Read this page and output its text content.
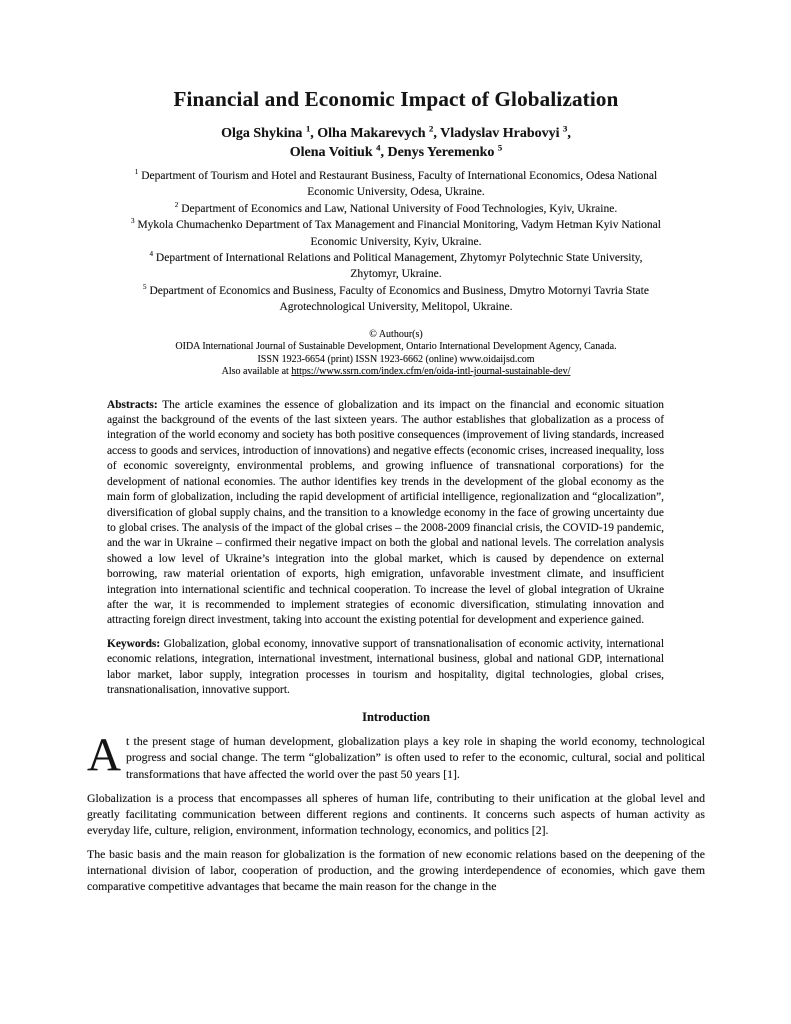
Financial and Economic Impact of Globalization
Olga Shykina $^1$, Olha Makarevych $^2$, Vladyslav Hrabovyi $^3$,
Olena Voitiuk $^4$, Denys Yeremenko $^5$
$^1$ Department of Tourism and Hotel and Restaurant Business, Faculty of International Economics, Odesa National
Economic University, Odesa, Ukraine.
$^2$ Department of Economics and Law, National University of Food Technologies, Kyiv, Ukraine.
$^3$ Mykola Chumachenko Department of Tax Management and Financial Monitoring, Vadym Hetman Kyiv National
Economic University, Kyiv, Ukraine.
$^4$ Department of International Relations and Political Management, Zhytomyr Polytechnic State University,
Zhytomyr, Ukraine.
$^5$ Department of Economics and Business, Faculty of Economics and Business, Dmytro Motornyi Tavria State
Agrotechnological University, Melitopol, Ukraine.
© Authour(s)
OIDA International Journal of Sustainable Development, Ontario International Development Agency, Canada.
ISSN 1923-6654 (print) ISSN 1923-6662 (online) www.oidaijsd.com
Also available at https://www.ssrn.com/index.cfm/en/oida-intl-journal-sustainable-dev/
Abstracts: The article examines the essence of globalization and its impact on the financial and economic situation against the background of the events of the last sixteen years. The author establishes that globalization as a process of integration of the world economy and society has both positive consequences (improvement of living standards, increased access to goods and services, introduction of innovations) and negative effects (economic crises, increased inequality, loss of economic sovereignty, environmental problems, and growing influence of transnational corporations) for the development of national economies. The author identifies key trends in the development of the global economy as the main form of globalization, including the rapid development of artificial intelligence, regionalization and “glocalization”, diversification of global supply chains, and the transition to a knowledge economy in the face of growing uncertainty due to global crises. The analysis of the impact of the global crises – the 2008-2009 financial crisis, the COVID-19 pandemic, and the war in Ukraine – confirmed their negative impact on both the global and national levels. The correlation analysis showed a low level of Ukraine’s integration into the global market, which is caused by dependence on external borrowing, raw material orientation of exports, high emigration, unfavorable investment climate, and insufficient integration into international scientific and technical cooperation. To increase the level of global integration of Ukraine after the war, it is recommended to implement strategies of economic diversification, stimulating innovation and attracting foreign direct investment, taking into account the existing potential for development and experience gained.
Keywords: Globalization, global economy, innovative support of transnationalisation of economic activity, international economic relations, integration, international investment, international business, global and national GDP, international labor market, labor supply, integration processes in tourism and hospitality, digital technologies, global crises, transnationalisation, innovative support.
Introduction
At the present stage of human development, globalization plays a key role in shaping the world economy, technological progress and social change. The term “globalization” is often used to refer to the economic, cultural, social and political transformations that have affected the world over the past 50 years [1].
Globalization is a process that encompasses all spheres of human life, contributing to their unification at the global level and greatly facilitating communication between different regions and continents. It concerns such aspects of human activity as everyday life, culture, religion, environment, information technology, economics, and politics [2].
The basic basis and the main reason for globalization is the formation of new economic relations based on the deepening of the international division of labor, cooperation of production, and the growing interdependence of economies, which gave them comparative competitive advantages that became the main reason for the change in the
